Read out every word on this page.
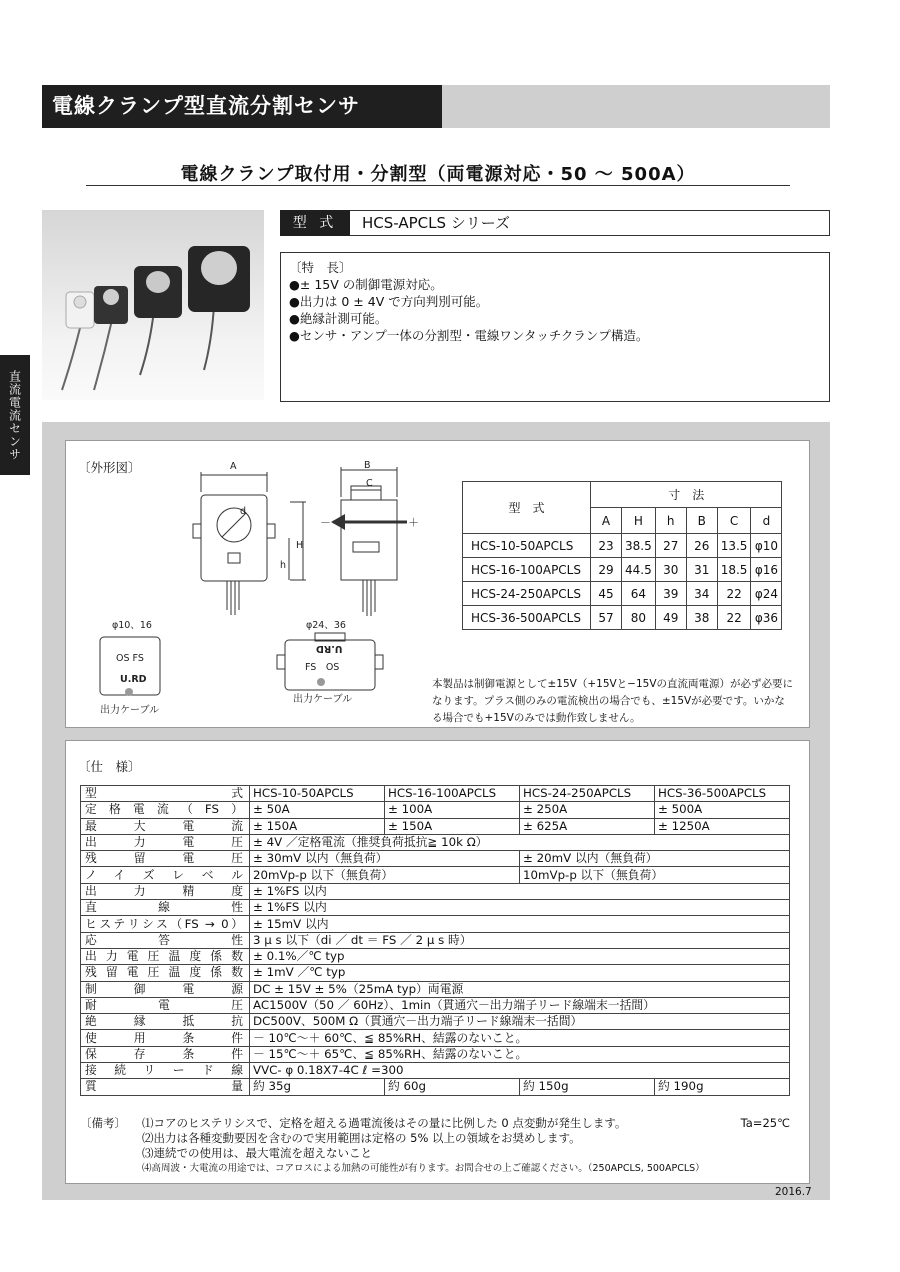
電線クランプ型直流分割センサ
電線クランプ取付用・分割型（両電源対応・50 ～ 500A）
直流電流センサ
型 式	HCS-APCLS シリーズ
〔特　長〕
●± 15V の制御電源対応。
●出力は 0 ± 4V で方向判別可能。
●絶縁計測可能。
●センサ・アンプ一体の分割型・電線ワンタッチクランプ構造。
〔外形図〕	A	B
C
d
H
h
－	＋
φ10、16	φ24、36
OS FS
U.RD
FS　OS
U.RD
出力ケーブル
出力ケーブル
型　式	寸　法					
	A	H	h	B	C	d
HCS-10-50APCLS	23	38.5	27	26	13.5	φ10
HCS-16-100APCLS	29	44.5	30	31	18.5	φ16
HCS-24-250APCLS	45	64	39	34	22	φ24
HCS-36-500APCLS	57	80	49	38	22	φ36
本製品は制御電源として±15V（+15Vと−15Vの直流両電源）が必ず必要に
なります。プラス側のみの電流検出の場合でも、±15Vが必要です。いかな
る場合でも+15Vのみでは動作致しません。
〔仕　様〕
型式	HCS-10-50APCLS	HCS-16-100APCLS	HCS-24-250APCLS	HCS-36-500APCLS
定格電流（FS）	± 50A	± 100A	± 250A	± 500A
最大電流	± 150A	± 150A	± 625A	± 1250A
出力電圧	± 4V ／定格電流（推奨負荷抵抗≧ 10k Ω）			
残留電圧	± 30mV 以内（無負荷）		± 20mV 以内（無負荷）	
ノイズレベル	20mVp-p 以下（無負荷）		10mVp-p 以下（無負荷）	
出力精度	± 1%FS 以内			
直線性	± 1%FS 以内			
ヒステリシス（FS → 0）	± 15mV 以内			
応答性	3 μ s 以下（di ／ dt ＝ FS ／ 2 μ s 時）			
出力電圧温度係数	± 0.1%／℃ typ			
残留電圧温度係数	± 1mV ／℃ typ			
制御電源	DC ± 15V ± 5%（25mA typ）両電源			
耐電圧	AC1500V（50 ／ 60Hz）、1min（貫通穴－出力端子リード線端末一括間）			
絶縁抵抗	DC500V、500M Ω（貫通穴－出力端子リード線端末一括間）			
使用条件	－ 10℃～＋ 60℃、≦ 85%RH、結露のないこと。			
保存条件	－ 15℃～＋ 65℃、≦ 85%RH、結露のないこと。			
接続リード線	VVC- φ 0.18X7-4C ℓ =300			
質量	約 35g	約 60g	約 150g	約 190g
〔備考〕 ⑴コアのヒステリシスで、定格を超える過電流後はその量に比例した 0 点変動が発生します。	Ta=25℃
⑵出力は各種変動要因を含むので実用範囲は定格の 5% 以上の領域をお奨めします。
⑶連続での使用は、最大電流を超えないこと
⑷高周波・大電流の用途では、コアロスによる加熱の可能性が有ります。お問合せの上ご確認ください。（250APCLS, 500APCLS）
2016.7
